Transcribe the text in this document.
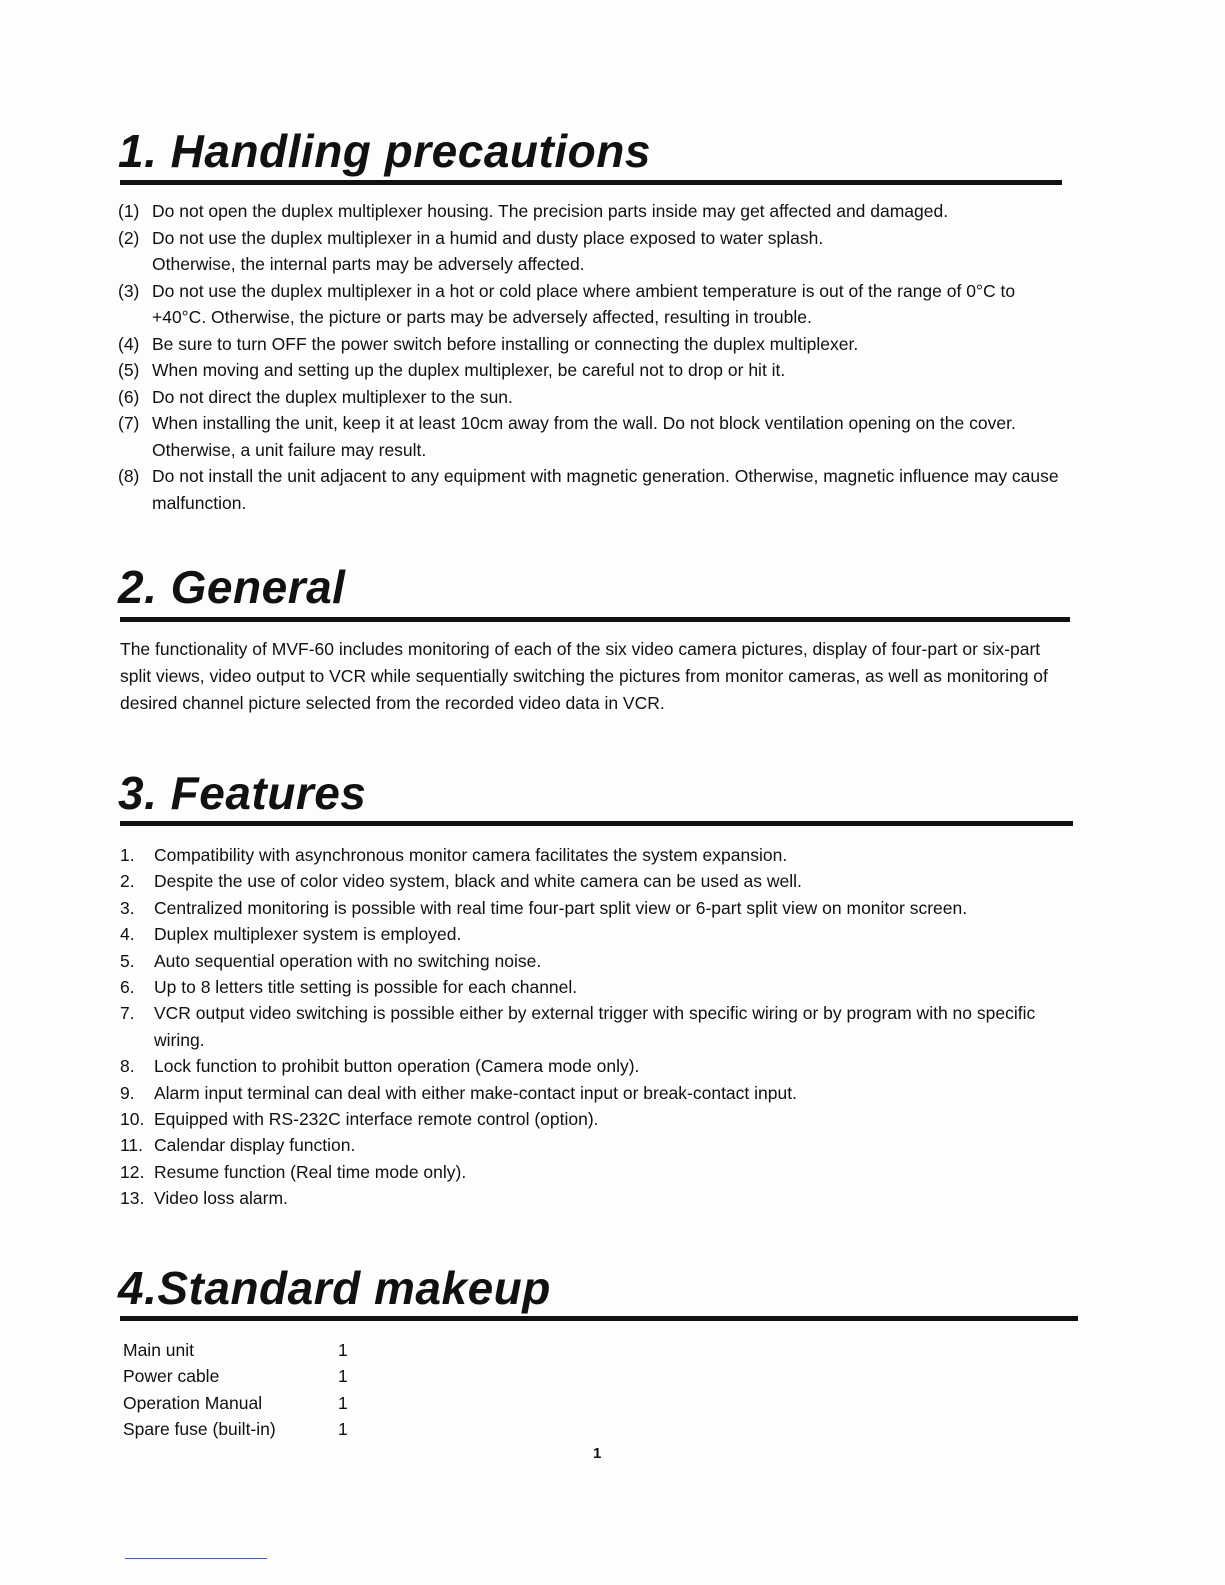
1. Handling precautions
(1) Do not open the duplex multiplexer housing. The precision parts inside may get affected and damaged.
(2) Do not use the duplex multiplexer in a humid and dusty place exposed to water splash. Otherwise, the internal parts may be adversely affected.
(3) Do not use the duplex multiplexer in a hot or cold place where ambient temperature is out of the range of 0°C to +40°C. Otherwise, the picture or parts may be adversely affected, resulting in trouble.
(4) Be sure to turn OFF the power switch before installing or connecting the duplex multiplexer.
(5) When moving and setting up the duplex multiplexer, be careful not to drop or hit it.
(6) Do not direct the duplex multiplexer to the sun.
(7) When installing the unit, keep it at least 10cm away from the wall. Do not block ventilation opening on the cover. Otherwise, a unit failure may result.
(8) Do not install the unit adjacent to any equipment with magnetic generation. Otherwise, magnetic influence may cause malfunction.
2. General

The functionality of MVF-60 includes monitoring of each of the six video camera pictures, display of four-part or six-part split views, video output to VCR while sequentially switching the pictures from monitor cameras, as well as monitoring of desired channel picture selected from the recorded video data in VCR.

3. Features
1.	Compatibility with asynchronous monitor camera facilitates the system expansion.
2.	Despite the use of color video system, black and white camera can be used as well.
3.	Centralized monitoring is possible with real time four-part split view or 6-part split view on monitor screen.
4.	Duplex multiplexer system is employed.
5.	Auto sequential operation with no switching noise.
6.	Up to 8 letters title setting is possible for each channel.
7.	VCR output video switching is possible either by external trigger with specific wiring or by program with no specific wiring.
8.	Lock function to prohibit button operation (Camera mode only).
9.	Alarm input terminal can deal with either make-contact input or break-contact input.
10. Equipped with RS-232C interface remote control (option).
11. Calendar display function.
12. Resume function (Real time mode only).
13. Video loss alarm.
4.Standard makeup
Main unit	1
Power cable	1
Operation Manual	1
Spare fuse (built-in)	1
1
